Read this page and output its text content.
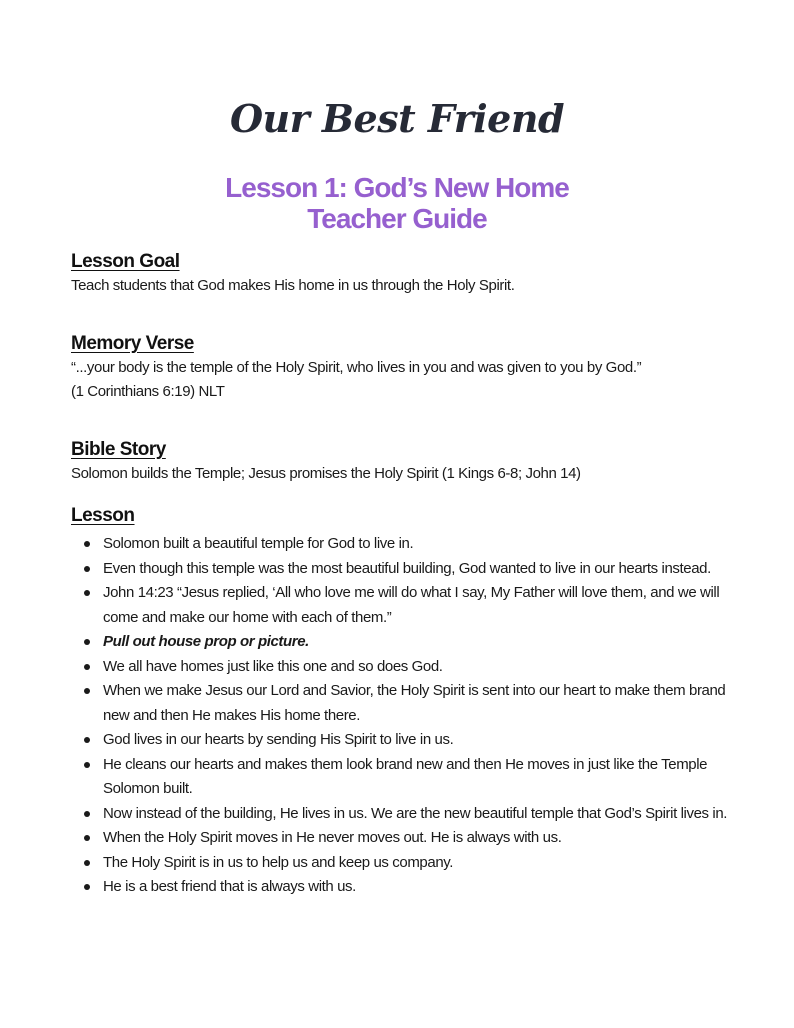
Our Best Friend
Lesson 1: God’s New Home
Teacher Guide
Lesson Goal

Teach students that God makes His home in us through the Holy Spirit.

Memory Verse

“...your body is the temple of the Holy Spirit, who lives in you and was given to you by God.”
(1 Corinthians 6:19) NLT

Bible Story

Solomon builds the Temple; Jesus promises the Holy Spirit (1 Kings 6-8; John 14)

Lesson
Solomon built a beautiful temple for God to live in.
Even though this temple was the most beautiful building, God wanted to live in our hearts instead.
John 14:23 “Jesus replied, ‘All who love me will do what I say, My Father will love them, and we will come and make our home with each of them.”
Pull out house prop or picture.
We all have homes just like this one and so does God.
When we make Jesus our Lord and Savior, the Holy Spirit is sent into our heart to make them brand new and then He makes His home there.
God lives in our hearts by sending His Spirit to live in us.
He cleans our hearts and makes them look brand new and then He moves in just like the Temple Solomon built.
Now instead of the building, He lives in us. We are the new beautiful temple that God’s Spirit lives in.
When the Holy Spirit moves in He never moves out. He is always with us.
The Holy Spirit is in us to help us and keep us company.
He is a best friend that is always with us.
